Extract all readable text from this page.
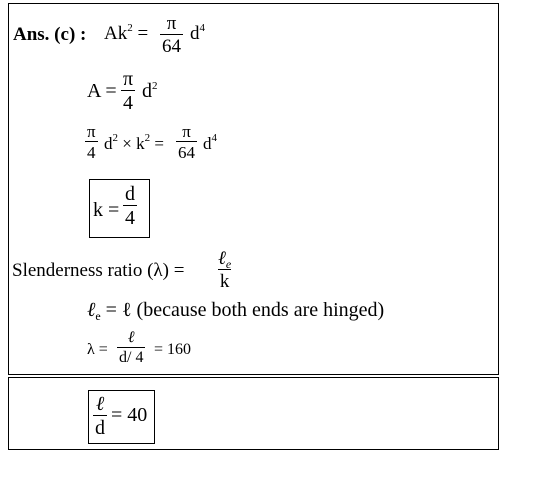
Ans. (c) : $Ak^2 = \frac{\pi}{64} d^4$
$A = \frac{\pi}{4} d^2$
$\frac{\pi}{4} d^2 \times k^2 = \frac{\pi}{64} d^4$
$k = \frac{d}{4}$
Slenderness ratio (λ) =
ℓ$_e$
k
ℓ$_e$ = ℓ (because both ends are hinged)
λ =
ℓ
d/ 4 = 160
ℓ
d
= 40
